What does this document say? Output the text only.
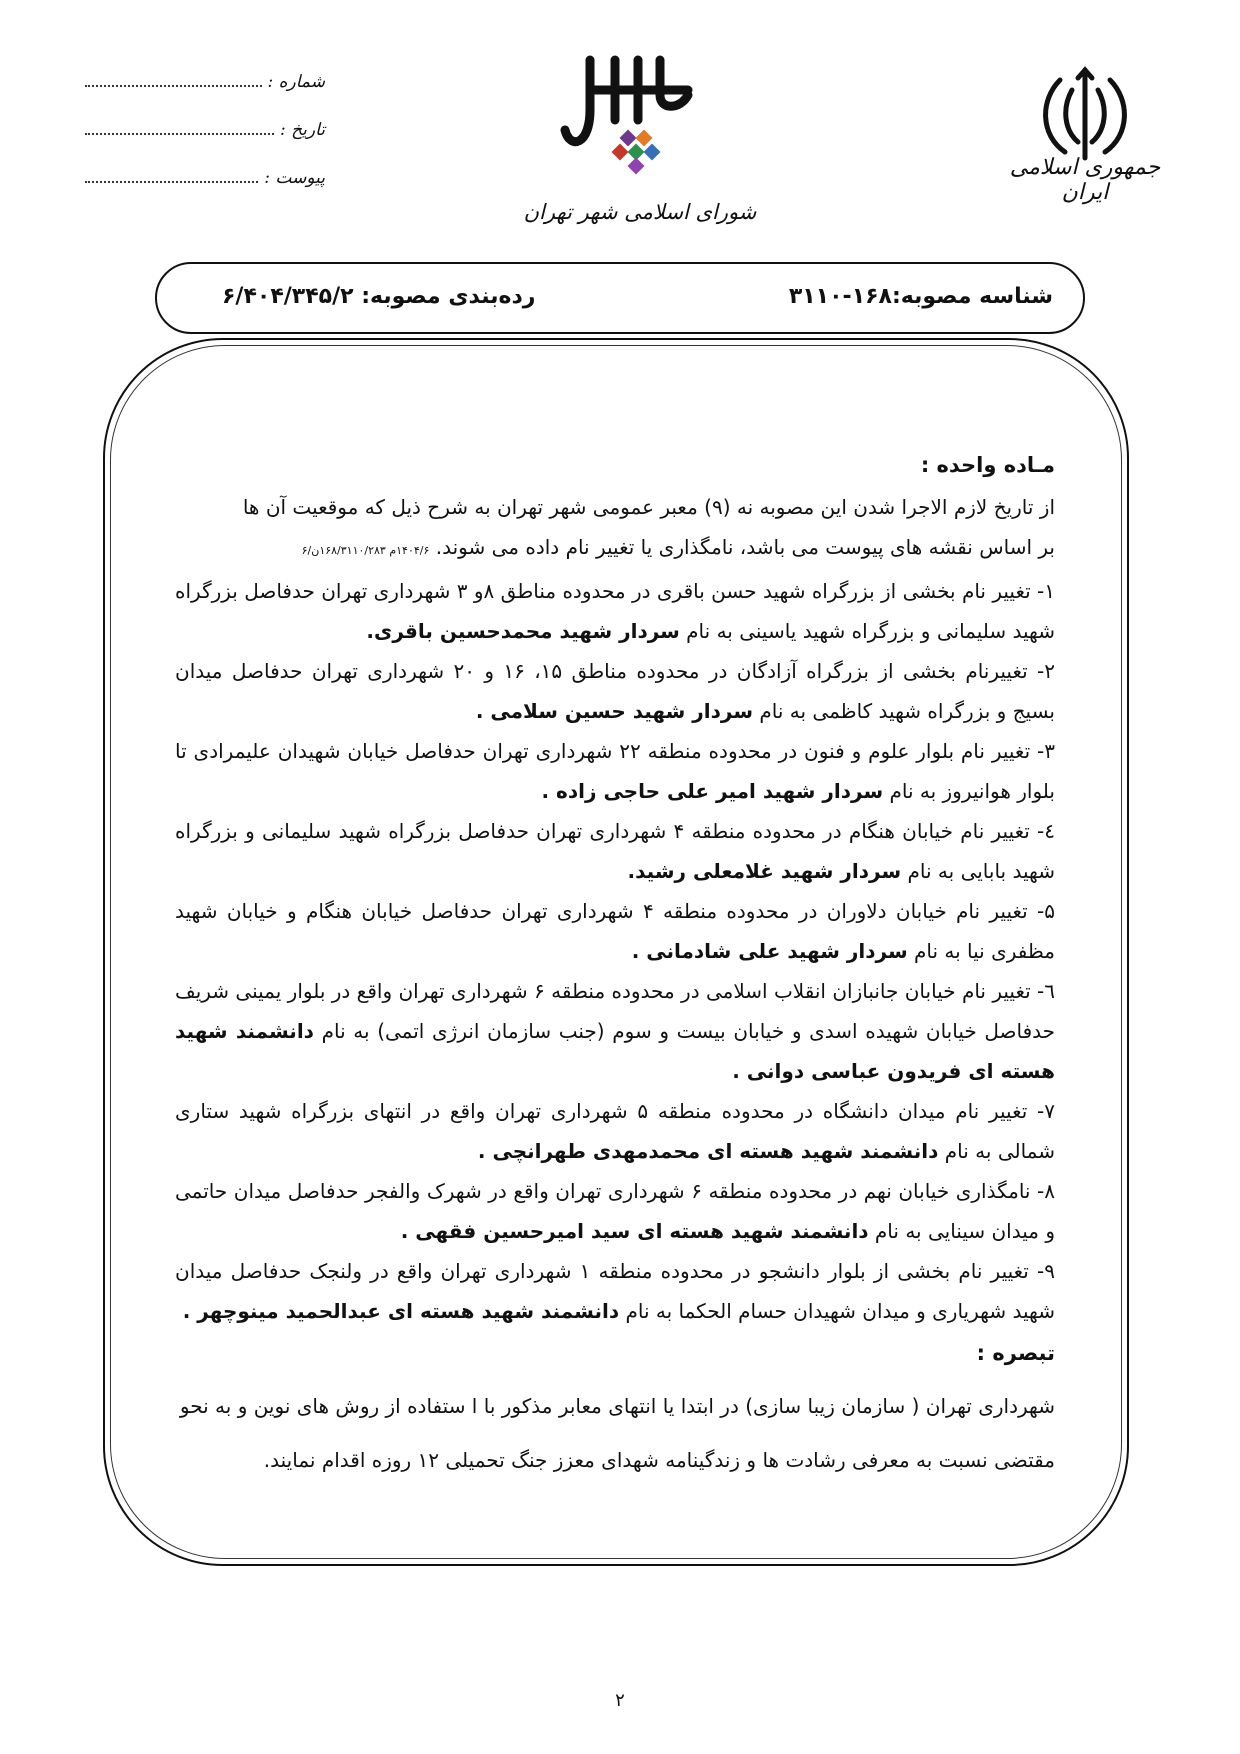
جمهوری اسلامی ایران
شورای اسلامی شهر تهران
شماره :
تاریخ :
پیوست :
شناسه مصوبه:۱۶۸-۳۱۱۰
رده‌بندی مصوبه: ۶/۴۰۴/۳۴۵/۲
مـاده واحده :

از تاریخ لازم الاجرا شدن این مصوبه نه (۹) معبر عمومی شهر تهران به شرح ذیل که موقعیت آن ها

بر اساس نقشه های پیوست می باشد، نامگذاری یا تغییر نام داده می شوند. ۱۴۰۴/۶م ۱۶۸/۳۱۱۰/۲۸۳ن/۶

۱- تغییر نام بخشی از بزرگراه شهید حسن باقری در محدوده مناطق ۸و ۳ شهرداری تهران حدفاصل بزرگراه شهید سلیمانی و بزرگراه شهید یاسینی به نام سردار شهید محمدحسین باقری.

۲- تغییرنام بخشی از بزرگراه آزادگان در محدوده مناطق ۱۵، ۱۶ و ۲۰ شهرداری تهران حدفاصل میدان بسیج و بزرگراه شهید کاظمی به نام سردار شهید حسین سلامی .

۳- تغییر نام بلوار علوم و فنون در محدوده منطقه ۲۲ شهرداری تهران حدفاصل خیابان شهیدان علیمرادی تا بلوار هوانیروز به نام سردار شهید امیر علی حاجی زاده .

٤- تغییر نام خیابان هنگام در محدوده منطقه ۴ شهرداری تهران حدفاصل بزرگراه شهید سلیمانی و بزرگراه شهید بابایی به نام سردار شهید غلامعلی رشید.

۵- تغییر نام خیابان دلاوران در محدوده منطقه ۴ شهرداری تهران حدفاصل خیابان هنگام و خیابان شهید مظفری نیا به نام سردار شهید علی شادمانی .

٦- تغییر نام خیابان جانبازان انقلاب اسلامی در محدوده منطقه ۶ شهرداری تهران واقع در بلوار یمینی شریف حدفاصل خیابان شهیده اسدی و خیابان بیست و سوم (جنب سازمان انرژی اتمی) به نام دانشمند شهید هسته ای فریدون عباسی دوانی .

۷- تغییر نام میدان دانشگاه در محدوده منطقه ۵ شهرداری تهران واقع در انتهای بزرگراه شهید ستاری شمالی به نام دانشمند شهید هسته ای محمدمهدی طهرانچی .

۸- نامگذاری خیابان نهم در محدوده منطقه ۶ شهرداری تهران واقع در شهرک والفجر حدفاصل میدان حاتمی و میدان سینایی به نام دانشمند شهید هسته ای سید امیرحسین فقهی .

۹- تغییر نام بخشی از بلوار دانشجو در محدوده منطقه ۱ شهرداری تهران واقع در ولنجک حدفاصل میدان شهید شهریاری و میدان شهیدان حسام الحکما به نام دانشمند شهید هسته ای عبدالحمید مینوچهر .

تبصره :
شهرداری تهران ( سازمان زیبا سازی) در ابتدا یا انتهای معابر مذکور با ا ستفاده از روش های نوین و به نحو مقتضی نسبت به معرفی رشادت ها و زندگینامه شهدای معزز جنگ تحمیلی ۱۲ روزه اقدام نمایند.
۲
